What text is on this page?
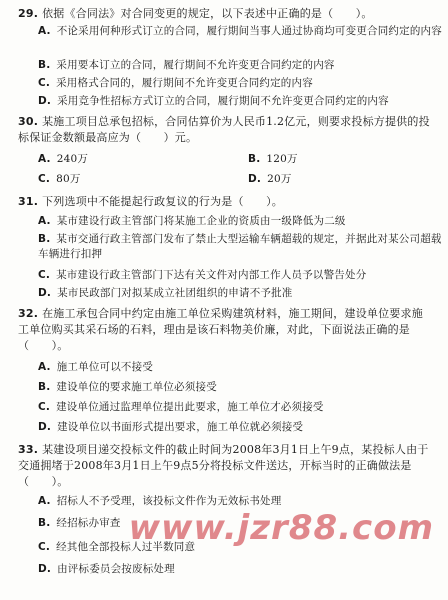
29. 依据《合同法》对合同变更的规定，以下表述中正确的是（　　）。
A. 不论采用何种形式订立的合同，履行期间当事人通过协商均可变更合同约定的内容
B. 采用要本订立的合同，履行期间不允许变更合同约定的内容
C. 采用格式合同的，履行期间不允许变更合同约定的内容
D. 采用竞争性招标方式订立的合同，履行期间不允许变更合同约定的内容
30. 某施工项目总承包招标，合同估算价为人民币1.2亿元，则要求投标方提供的投标保证金数额最高应为（　　）元。
A. 240万	B. 120万
C. 80万	D. 20万
31. 下列选项中不能提起行政复议的行为是（　　）。
A. 某市建设行政主管部门将某施工企业的资质由一级降低为二级
B. 某市交通行政主管部门发布了禁止大型运输车辆超载的规定，并据此对某公司超载车辆进行扣押
C. 某市建设行政主管部门下达有关文件对内部工作人员予以警告处分
D. 某市民政部门对拟某成立社团组织的申请不予批准
32. 在施工承包合同中约定由施工单位采购建筑材料，施工期间，建设单位要求施工单位购买其采石场的石料，理由是该石料物美价廉，对此，下面说法正确的是（　　）。
A. 施工单位可以不接受
B. 建设单位的要求施工单位必须接受
C. 建设单位通过监理单位提出此要求，施工单位才必须接受
D. 建设单位以书面形式提出要求，施工单位就必须接受
33. 某建设项目递交投标文件的截止时间为2008年3月1日上午9点，某投标人由于交通拥堵于2008年3月1日上午9点5分将投标文件送达，开标当时的正确做法是（　　）。
A. 招标人不予受理，该投标文件作为无效标书处理
B. 经招标办审查
C. 经其他全部投标人过半数同意
D. 由评标委员会按废标处理
www.jzr88.com
